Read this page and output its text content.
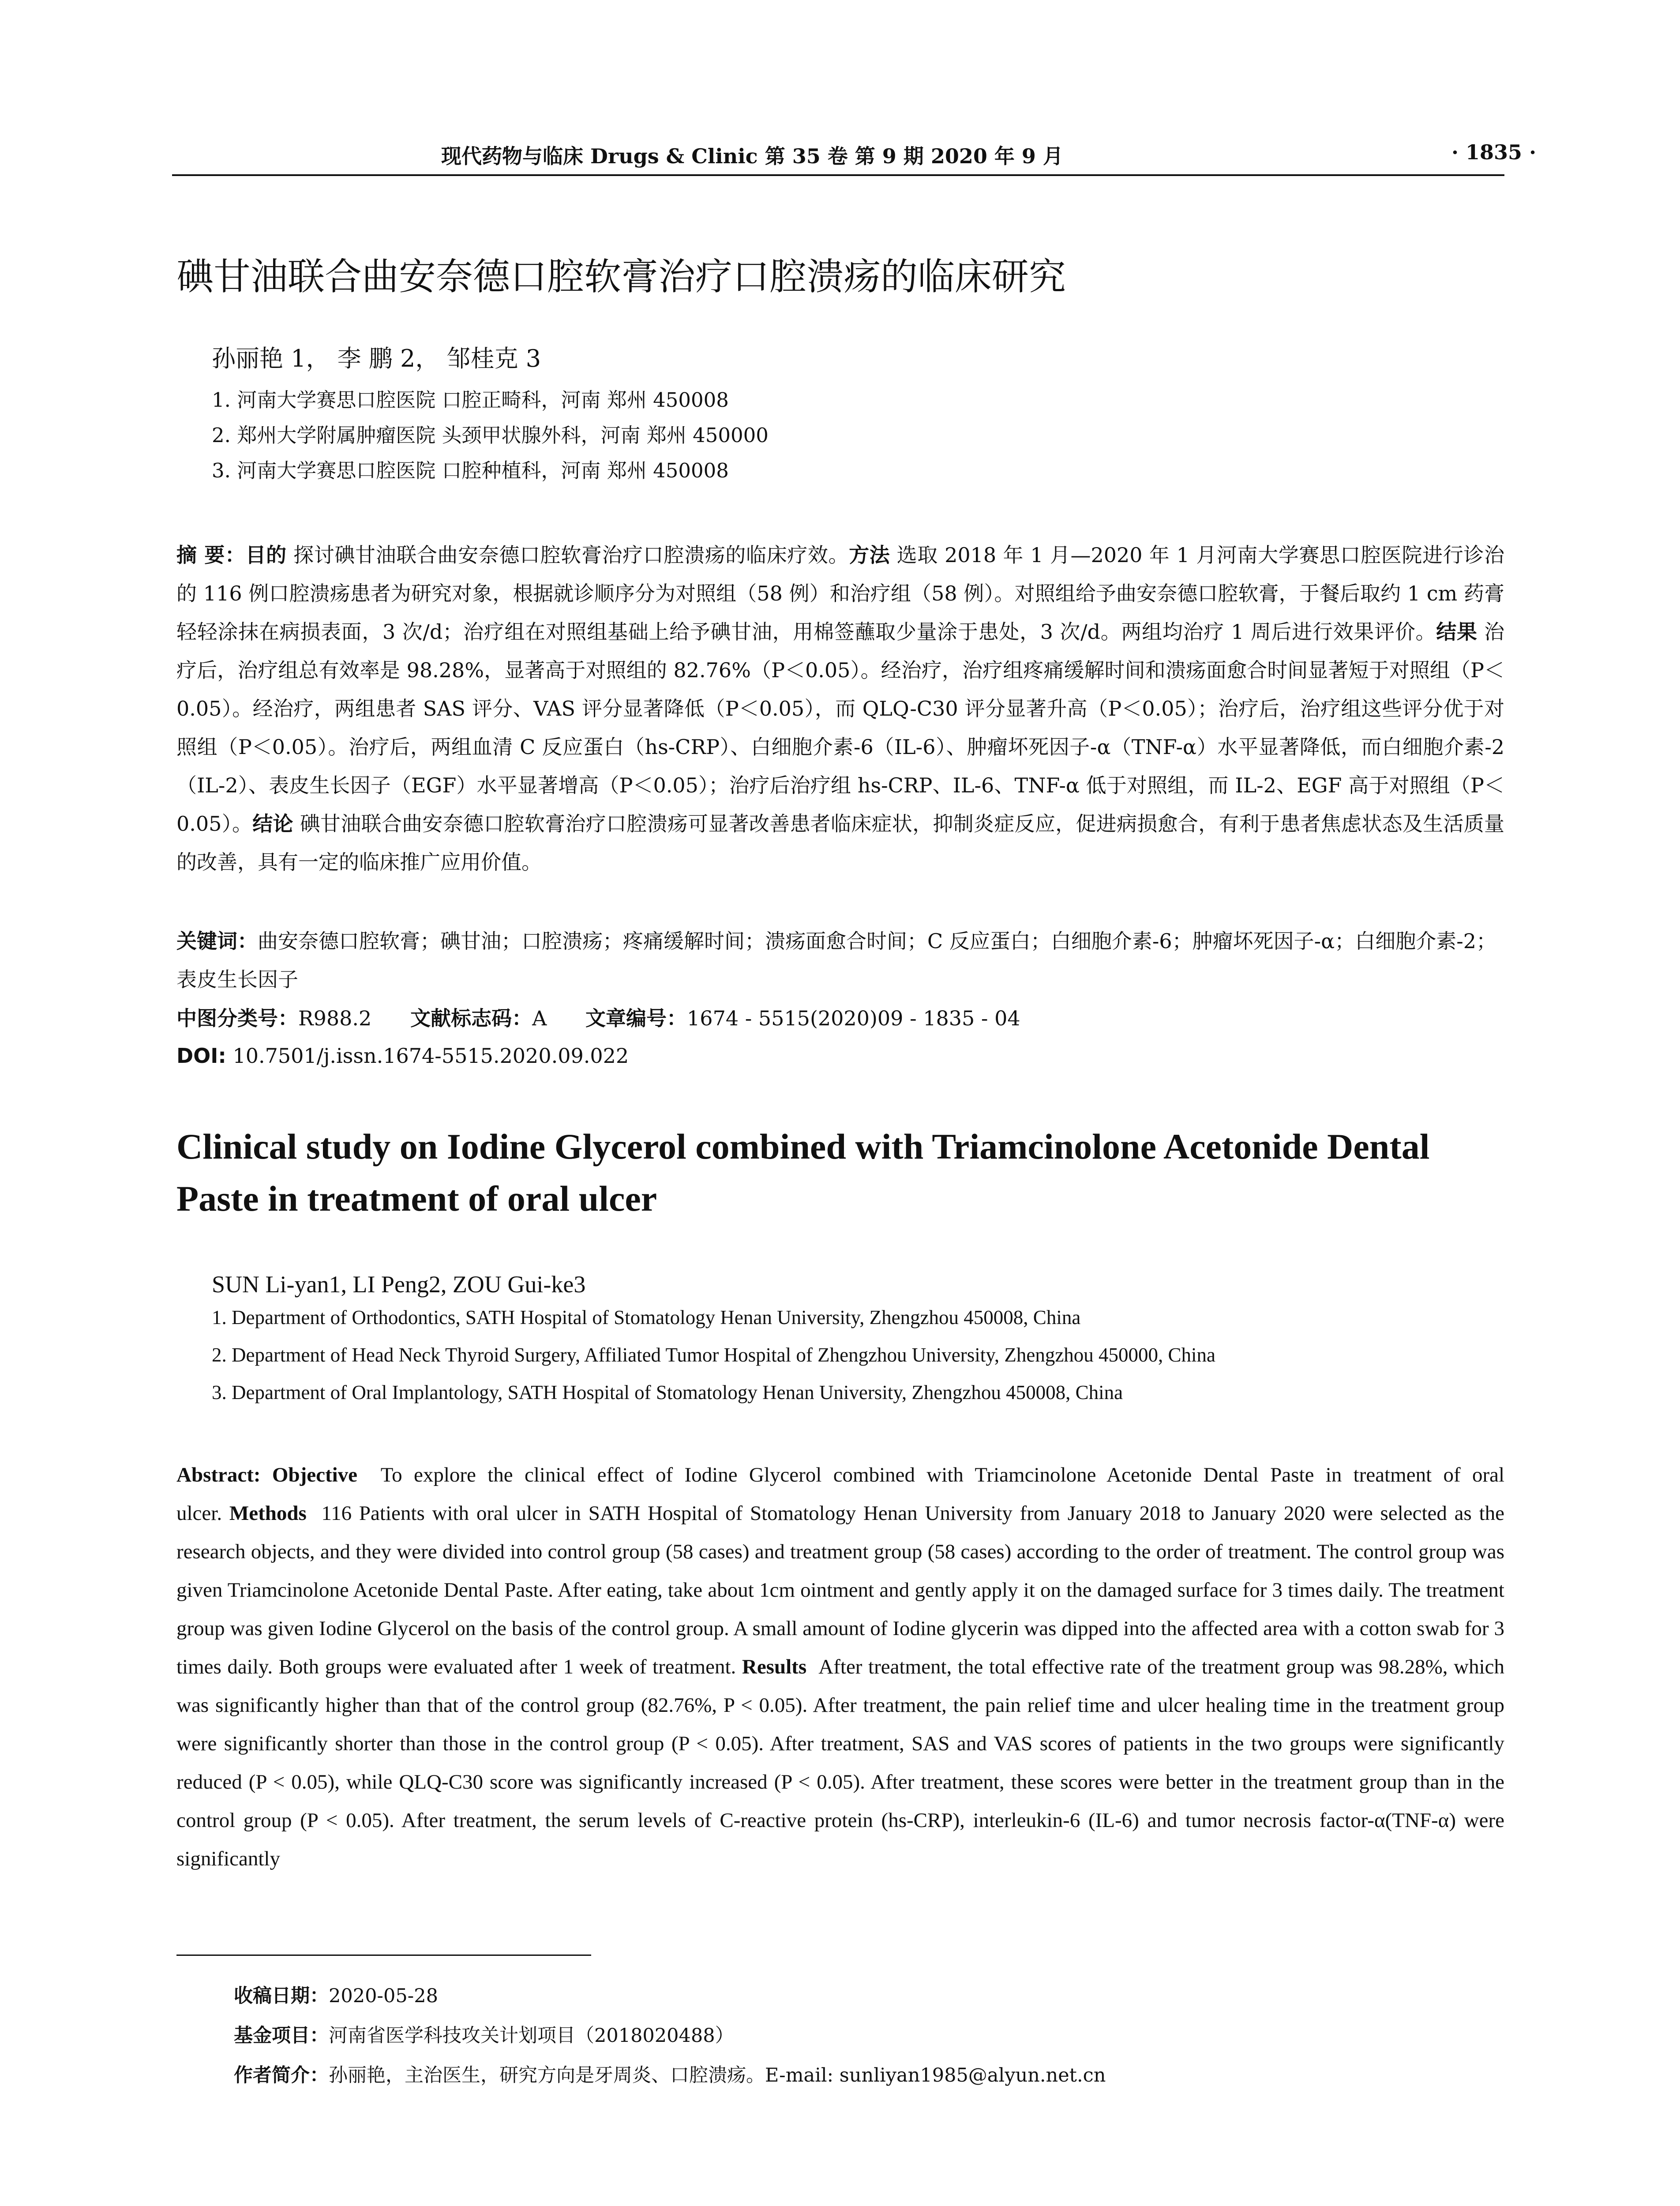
现代药物与临床 Drugs & Clinic 第 35 卷 第 9 期 2020 年 9 月	· 1835 ·
碘甘油联合曲安奈德口腔软膏治疗口腔溃疡的临床研究
孙丽艳 1， 李 鹏 2， 邹桂克 3
1. 河南大学赛思口腔医院 口腔正畸科，河南 郑州 450008
2. 郑州大学附属肿瘤医院 头颈甲状腺外科，河南 郑州 450000
3. 河南大学赛思口腔医院 口腔种植科，河南 郑州 450008
摘 要：目的 探讨碘甘油联合曲安奈德口腔软膏治疗口腔溃疡的临床疗效。方法 选取 2018 年 1 月—2020 年 1 月河南大学赛思口腔医院进行诊治的 116 例口腔溃疡患者为研究对象，根据就诊顺序分为对照组（58 例）和治疗组（58 例）。对照组给予曲安奈德口腔软膏，于餐后取约 1 cm 药膏轻轻涂抹在病损表面，3 次/d；治疗组在对照组基础上给予碘甘油，用棉签蘸取少量涂于患处，3 次/d。两组均治疗 1 周后进行效果评价。结果 治疗后，治疗组总有效率是 98.28%，显著高于对照组的 82.76%（P＜0.05）。经治疗，治疗组疼痛缓解时间和溃疡面愈合时间显著短于对照组（P＜0.05）。经治疗，两组患者 SAS 评分、VAS 评分显著降低（P＜0.05），而 QLQ-C30 评分显著升高（P＜0.05）；治疗后，治疗组这些评分优于对照组（P＜0.05）。治疗后，两组血清 C 反应蛋白（hs-CRP）、白细胞介素-6（IL-6）、肿瘤坏死因子-α（TNF-α）水平显著降低，而白细胞介素-2（IL-2）、表皮生长因子（EGF）水平显著增高（P＜0.05）；治疗后治疗组 hs-CRP、IL-6、TNF-α 低于对照组，而 IL-2、EGF 高于对照组（P＜0.05）。结论 碘甘油联合曲安奈德口腔软膏治疗口腔溃疡可显著改善患者临床症状，抑制炎症反应，促进病损愈合，有利于患者焦虑状态及生活质量的改善，具有一定的临床推广应用价值。
关键词：曲安奈德口腔软膏；碘甘油；口腔溃疡；疼痛缓解时间；溃疡面愈合时间；C 反应蛋白；白细胞介素-6；肿瘤坏死因子-α；白细胞介素-2；表皮生长因子
中图分类号：R988.2 文献标志码：A 文章编号：1674 - 5515(2020)09 - 1835 - 04
DOI: 10.7501/j.issn.1674-5515.2020.09.022
Clinical study on Iodine Glycerol combined with Triamcinolone Acetonide Dental Paste in treatment of oral ulcer
SUN Li-yan1, LI Peng2, ZOU Gui-ke3
1. Department of Orthodontics, SATH Hospital of Stomatology Henan University, Zhengzhou 450008, China
2. Department of Head Neck Thyroid Surgery, Affiliated Tumor Hospital of Zhengzhou University, Zhengzhou 450000, China
3. Department of Oral Implantology, SATH Hospital of Stomatology Henan University, Zhengzhou 450008, China
Abstract: Objective To explore the clinical effect of Iodine Glycerol combined with Triamcinolone Acetonide Dental Paste in treatment of oral ulcer. Methods 116 Patients with oral ulcer in SATH Hospital of Stomatology Henan University from January 2018 to January 2020 were selected as the research objects, and they were divided into control group (58 cases) and treatment group (58 cases) according to the order of treatment. The control group was given Triamcinolone Acetonide Dental Paste. After eating, take about 1cm ointment and gently apply it on the damaged surface for 3 times daily. The treatment group was given Iodine Glycerol on the basis of the control group. A small amount of Iodine glycerin was dipped into the affected area with a cotton swab for 3 times daily. Both groups were evaluated after 1 week of treatment. Results After treatment, the total effective rate of the treatment group was 98.28%, which was significantly higher than that of the control group (82.76%, P < 0.05). After treatment, the pain relief time and ulcer healing time in the treatment group were significantly shorter than those in the control group (P < 0.05). After treatment, SAS and VAS scores of patients in the two groups were significantly reduced (P < 0.05), while QLQ-C30 score was significantly increased (P < 0.05). After treatment, these scores were better in the treatment group than in the control group (P < 0.05). After treatment, the serum levels of C-reactive protein (hs-CRP), interleukin-6 (IL-6) and tumor necrosis factor-α(TNF-α) were significantly
收稿日期：2020-05-28
基金项目：河南省医学科技攻关计划项目（2018020488）
作者简介：孙丽艳，主治医生，研究方向是牙周炎、口腔溃疡。E-mail: sunliyan1985@alyun.net.cn
